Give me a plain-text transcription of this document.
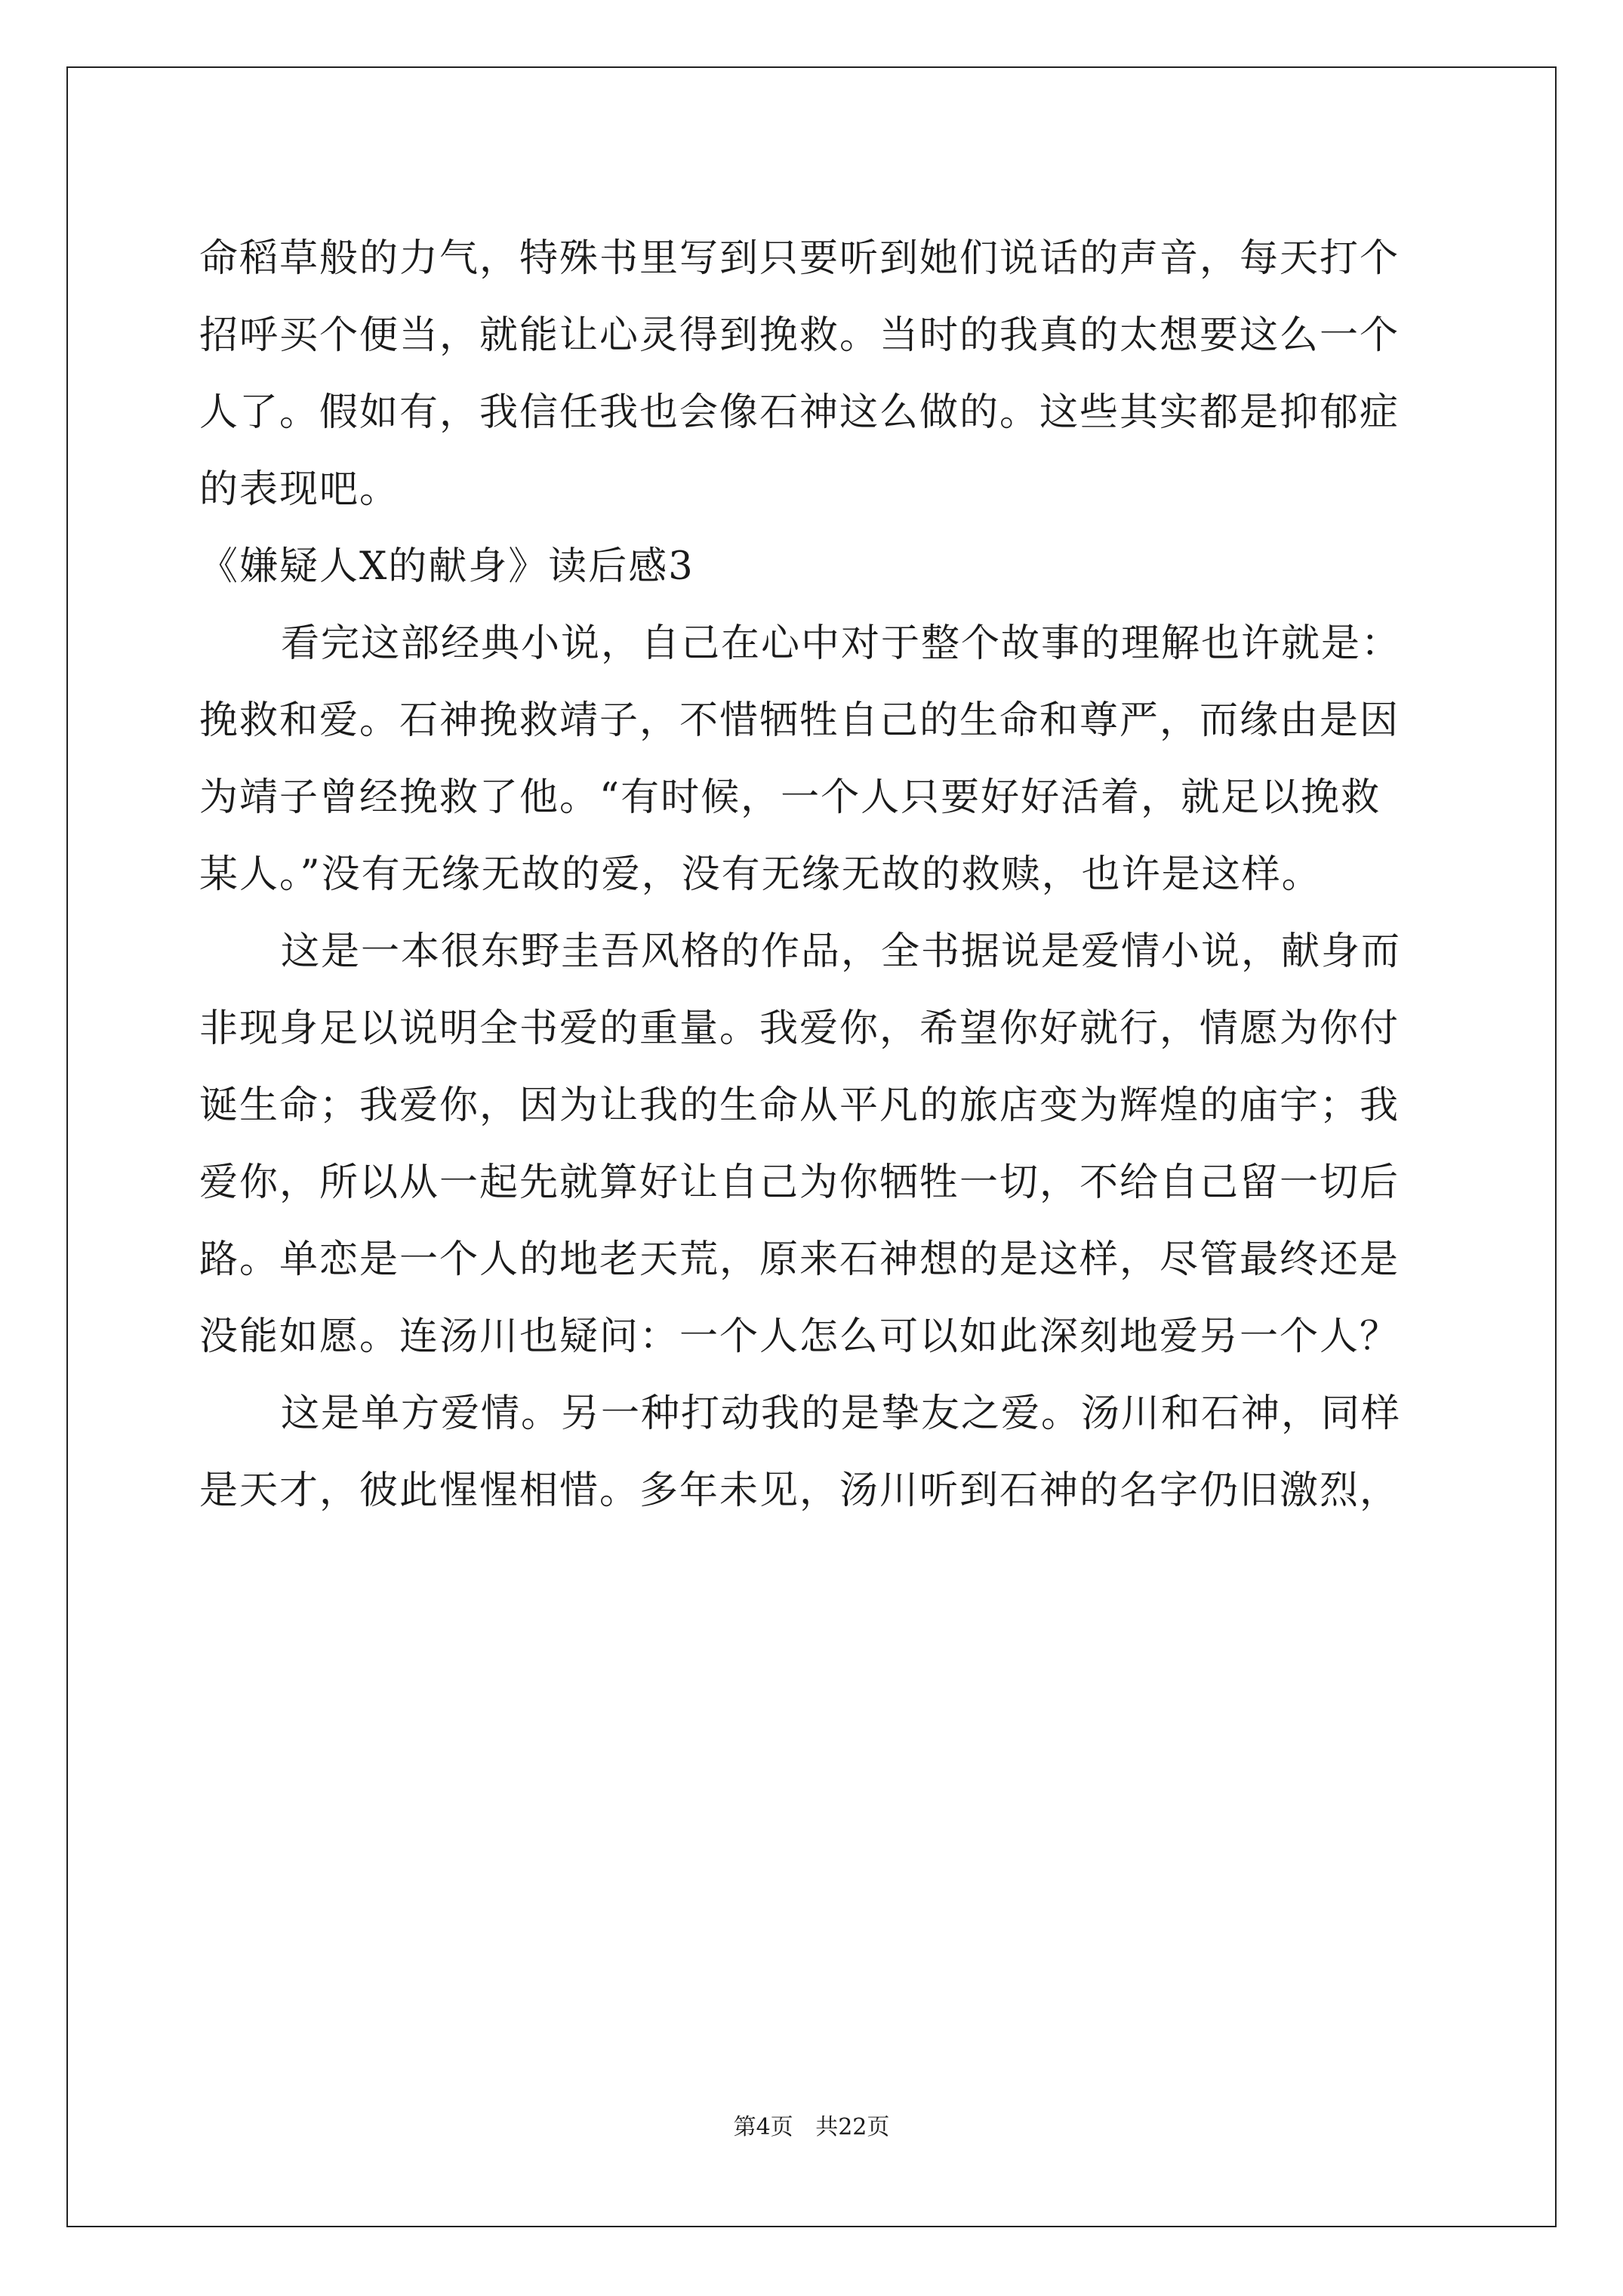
命稻草般的力气，特殊书里写到只要听到她们说话的声音，每天打个
招呼买个便当，就能让心灵得到挽救。当时的我真的太想要这么一个
人了。假如有，我信任我也会像石神这么做的。这些其实都是抑郁症
的表现吧。
《嫌疑人X的献身》读后感3
看完这部经典小说，自己在心中对于整个故事的理解也许就是：
挽救和爱。石神挽救靖子，不惜牺牲自己的生命和尊严，而缘由是因
为靖子曾经挽救了他。“有时候，一个人只要好好活着，就足以挽救
某人。”没有无缘无故的爱，没有无缘无故的救赎，也许是这样。
这是一本很东野圭吾风格的作品，全书据说是爱情小说，献身而
非现身足以说明全书爱的重量。我爱你，希望你好就行，情愿为你付
诞生命；我爱你，因为让我的生命从平凡的旅店变为辉煌的庙宇；我
爱你，所以从一起先就算好让自己为你牺牲一切，不给自己留一切后
路。单恋是一个人的地老天荒，原来石神想的是这样，尽管最终还是
没能如愿。连汤川也疑问：一个人怎么可以如此深刻地爱另一个人？
这是单方爱情。另一种打动我的是挚友之爱。汤川和石神，同样
是天才，彼此惺惺相惜。多年未见，汤川听到石神的名字仍旧激烈，
第4页 共22页
